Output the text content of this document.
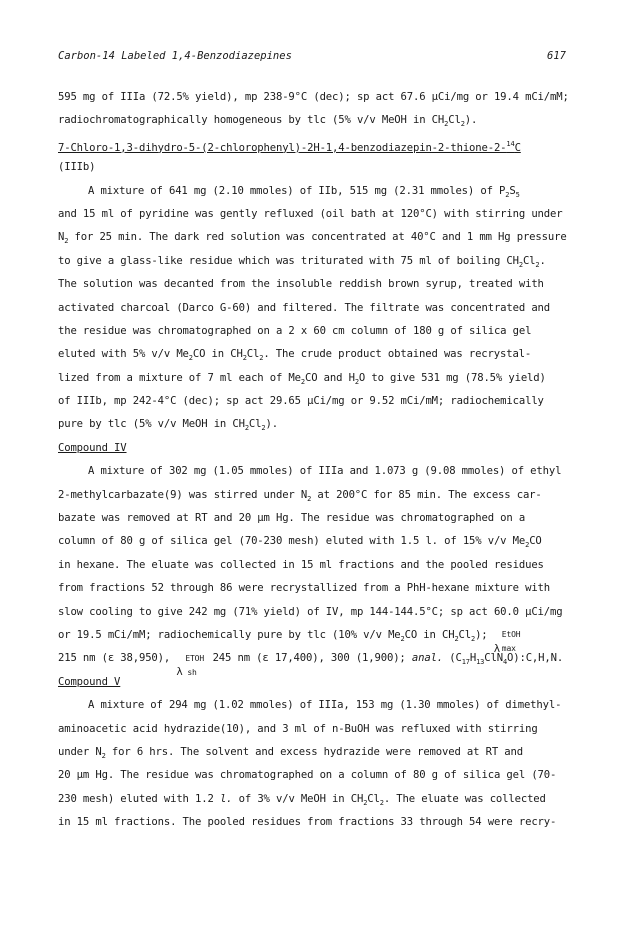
Carbon-14 Labeled 1,4-Benzodiazepines	617
595 mg of IIIa (72.5% yield), mp 238-9°C (dec); sp act 67.6 µCi/mg or 19.4 mCi/mM;
radiochromatographically homogeneous by tlc (5% v/v MeOH in $CH_2Cl_2$).
7-Chloro-1,3-dihydro-5-(2-chlorophenyl)-2H-1,4-benzodiazepin-2-thione-2-$^{14}$C
(IIIb)
A mixture of 641 mg (2.10 mmoles) of IIb, 515 mg (2.31 mmoles) of $P_2S_5$
and 15 ml of pyridine was gently refluxed (oil bath at 120°C) with stirring under
$N_2$ for 25 min. The dark red solution was concentrated at 40°C and 1 mm Hg pressure
to give a glass-like residue which was triturated with 75 ml of boiling $CH_2Cl_2$.
The solution was decanted from the insoluble reddish brown syrup, treated with
activated charcoal (Darco G-60) and filtered. The filtrate was concentrated and
the residue was chromatographed on a 2 x 60 cm column of 180 g of silica gel
eluted with 5% v/v $Me_2CO$ in $CH_2Cl_2$. The crude product obtained was recrystal-
lized from a mixture of 7 ml each of $Me_2CO$ and $H_2O$ to give 531 mg (78.5% yield)
of IIIb, mp 242-4°C (dec); sp act 29.65 µCi/mg or 9.52 mCi/mM; radiochemically
pure by tlc (5% v/v MeOH in $CH_2Cl_2$).
Compound IV
A mixture of 302 mg (1.05 mmoles) of IIIa and 1.073 g (9.08 mmoles) of ethyl
2-methylcarbazate(9) was stirred under $N_2$ at 200°C for 85 min. The excess car-
bazate was removed at RT and 20 µm Hg. The residue was chromatographed on a
column of 80 g of silica gel (70-230 mesh) eluted with 1.5 l. of 15% v/v $Me_2CO$
in hexane. The eluate was collected in 15 ml fractions and the pooled residues
from fractions 52 through 86 were recrystallized from a PhH-hexane mixture with
slow cooling to give 242 mg (71% yield) of IV, mp 144-144.5°C; sp act 60.0 µCi/mg
or 19.5 mCi/mM; radiochemically pure by tlc (10% v/v $Me_2CO$ in $CH_2Cl_2$);
λ
EtOH
max
215 nm (ε 38,950),
λ
ETOH
sh
245 nm (ε 17,400), 300 (1,900); anal. $(C_{17}H_{13}ClN_4O):C,H,N$.
Compound V
A mixture of 294 mg (1.02 mmoles) of IIIa, 153 mg (1.30 mmoles) of dimethyl-
aminoacetic acid hydrazide(10), and 3 ml of n-BuOH was refluxed with stirring
under $N_2$ for 6 hrs. The solvent and excess hydrazide were removed at RT and
20 µm Hg. The residue was chromatographed on a column of 80 g of silica gel (70-
230 mesh) eluted with 1.2 l. of 3% v/v MeOH in $CH_2Cl_2$. The eluate was collected
in 15 ml fractions. The pooled residues from fractions 33 through 54 were recry-
